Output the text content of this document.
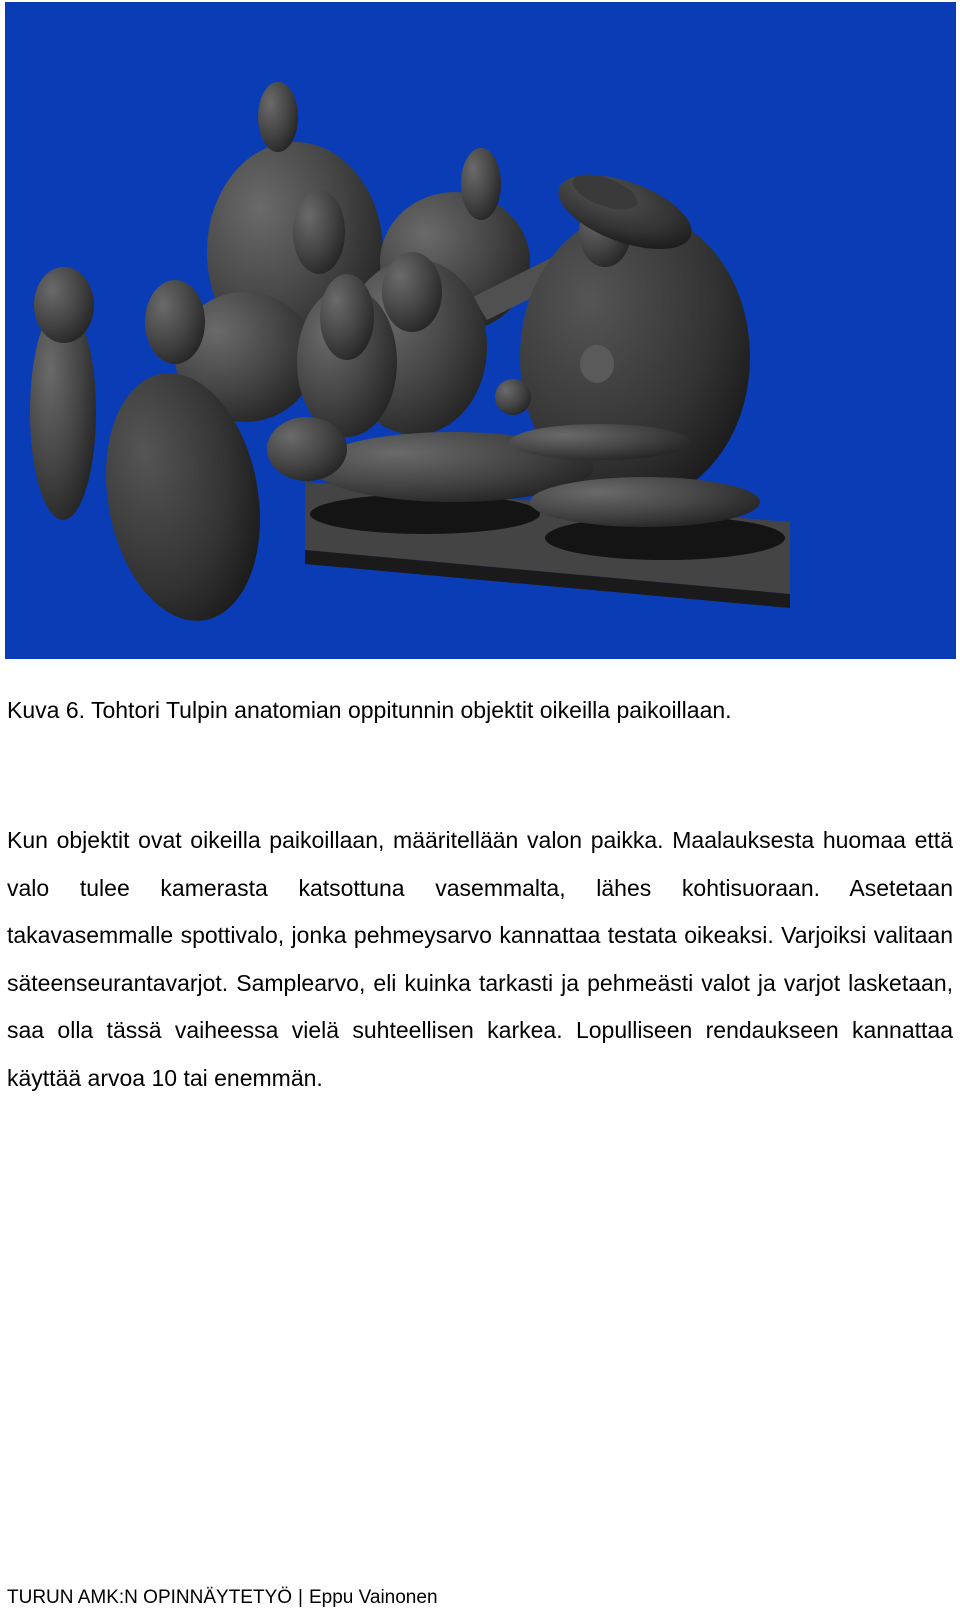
Kuva 6. Tohtori Tulpin anatomian oppitunnin objektit oikeilla paikoillaan.

Kun objektit ovat oikeilla paikoillaan, määritellään valon paikka. Maalauksesta huomaa että valo tulee kamerasta katsottuna vasemmalta, lähes kohtisuoraan. Asetetaan takavasemmalle spottivalo, jonka pehmeysarvo kannattaa testata oikeaksi. Varjoiksi valitaan säteenseurantavarjot. Samplearvo, eli kuinka tarkasti ja pehmeästi valot ja varjot lasketaan, saa olla tässä vaiheessa vielä suhteellisen karkea. Lopulliseen rendaukseen kannattaa käyttää arvoa 10 tai enemmän.

TURUN AMK:N OPINNÄYTETYÖ | Eppu Vainonen
